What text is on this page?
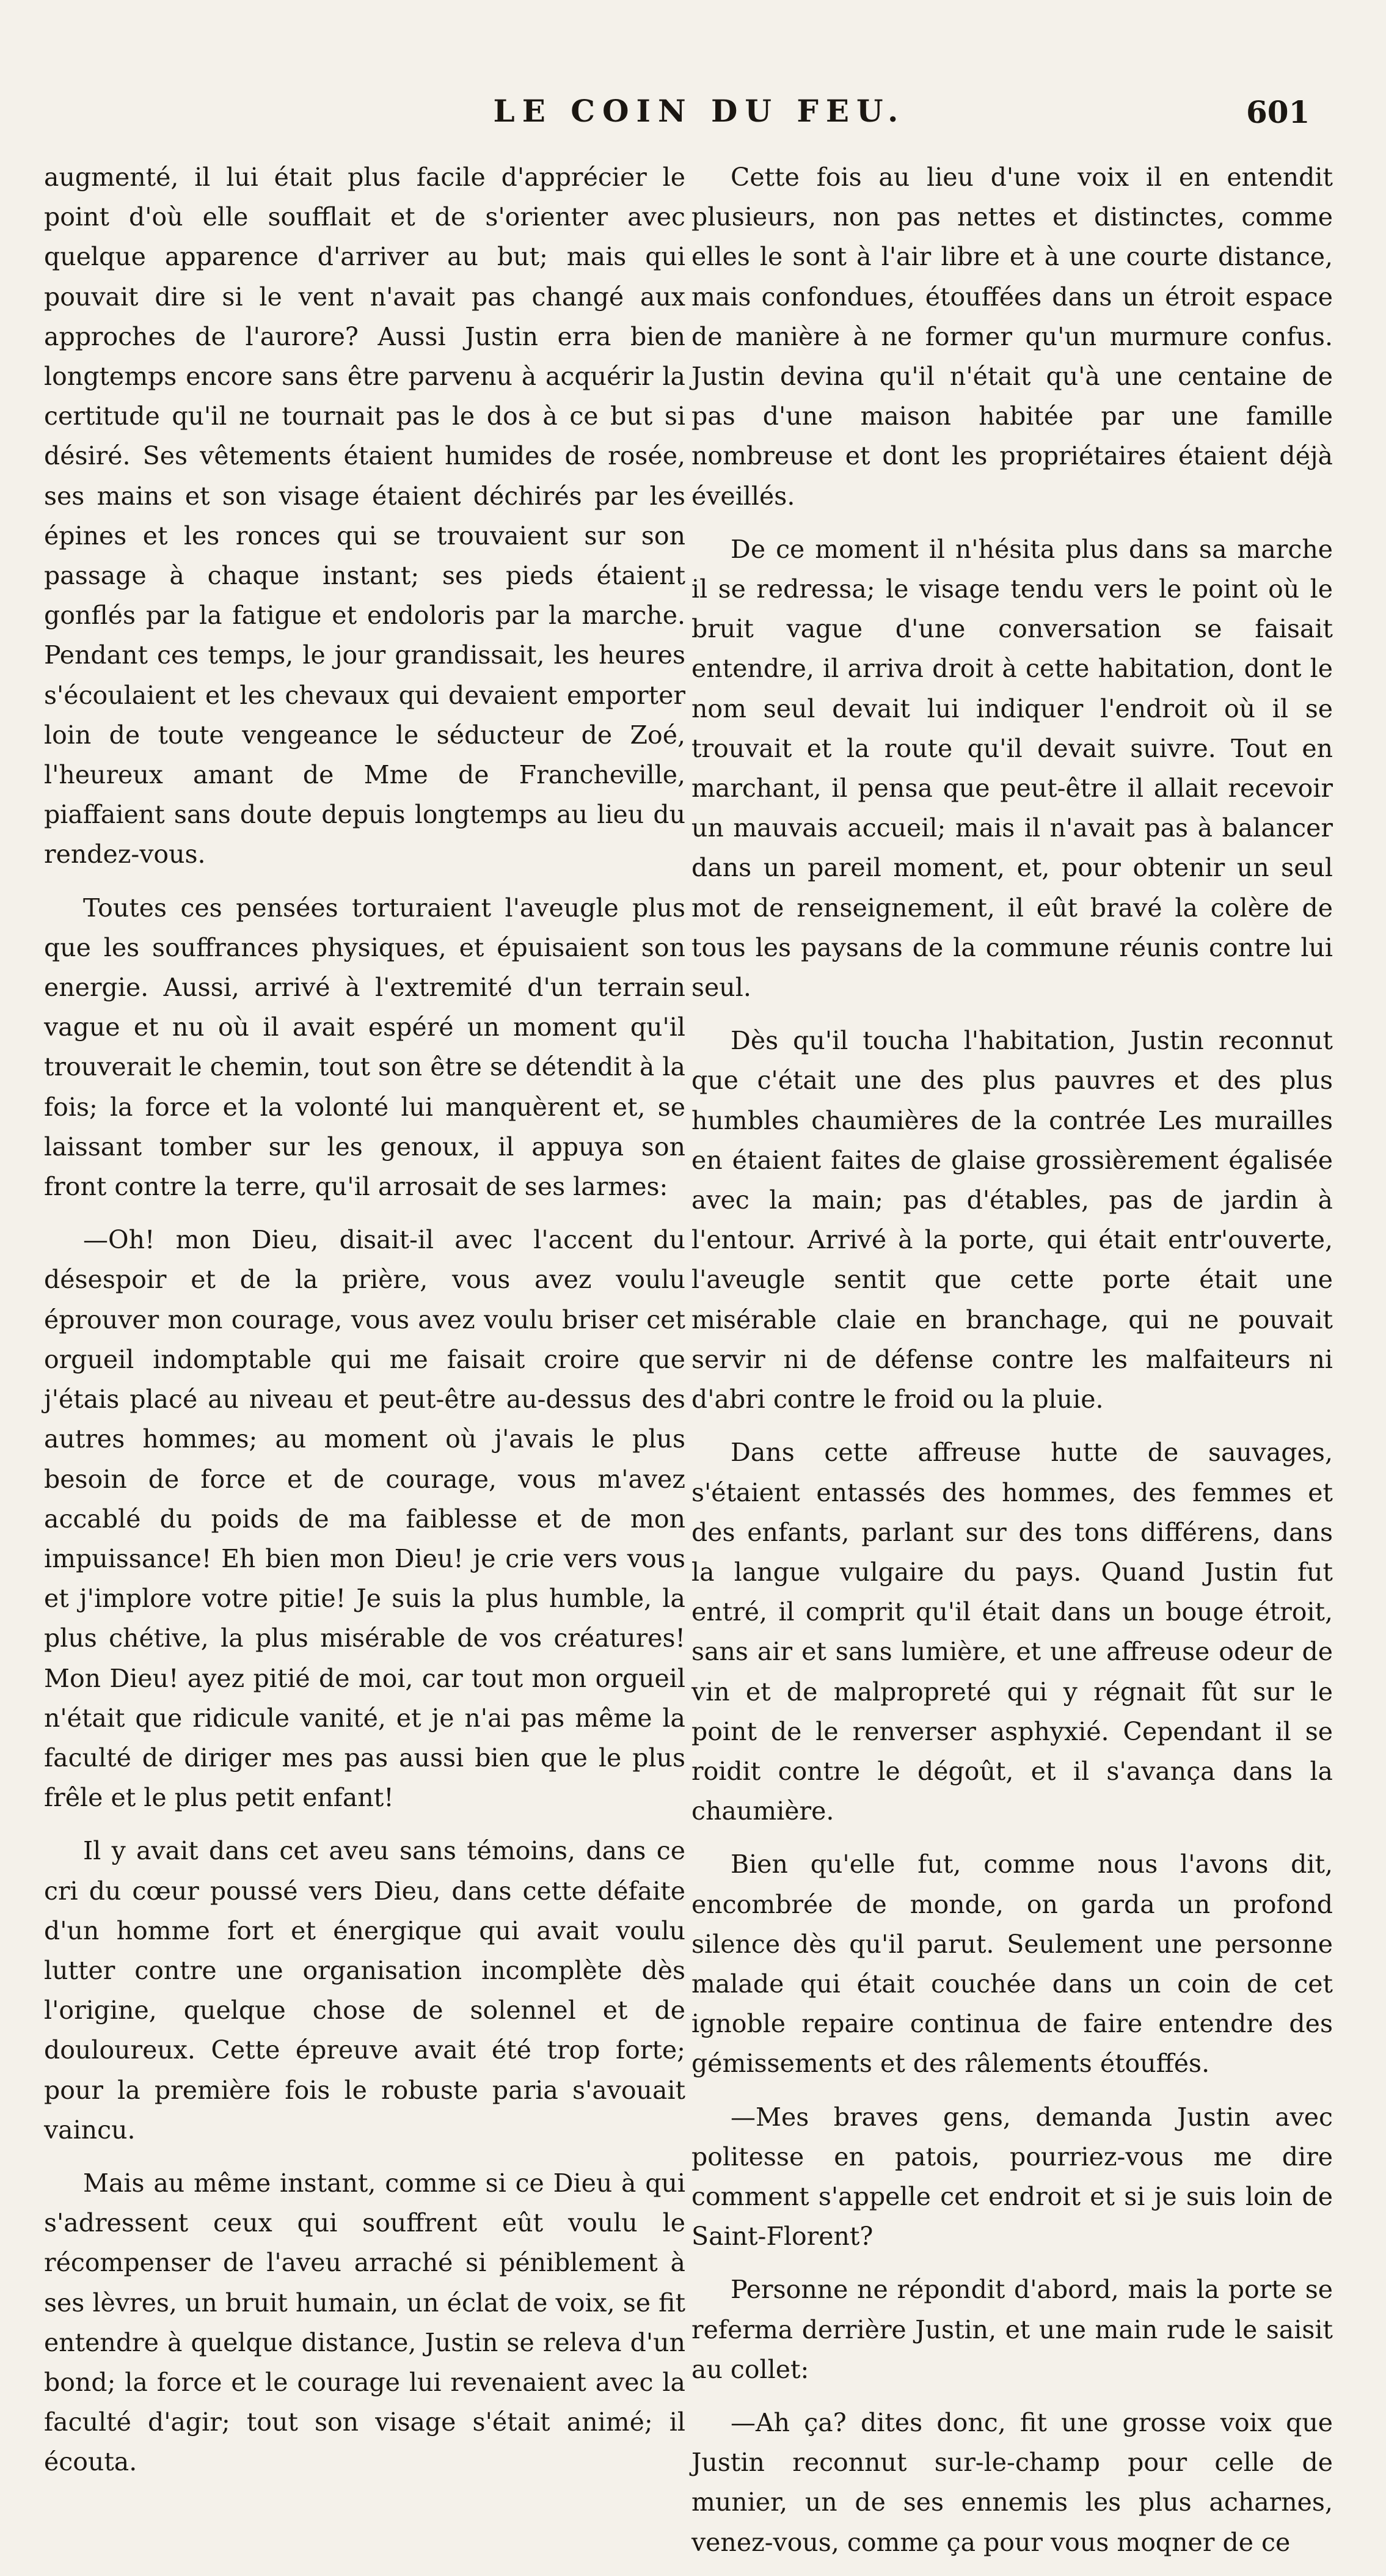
LE COIN DU FEU.	601

augmenté, il lui était plus facile d'apprécier le point d'où elle soufflait et de s'orienter avec quelque apparence d'arriver au but; mais qui pouvait dire si le vent n'avait pas changé aux approches de l'aurore? Aussi Justin erra bien longtemps encore sans être parvenu à acquérir la certitude qu'il ne tournait pas le dos à ce but si désiré. Ses vêtements étaient humides de rosée, ses mains et son visage étaient déchirés par les épines et les ronces qui se trouvaient sur son passage à chaque instant; ses pieds étaient gonflés par la fatigue et endoloris par la marche. Pendant ces temps, le jour grandissait, les heures s'écoulaient et les chevaux qui devaient emporter loin de toute vengeance le séducteur de Zoé, l'heureux amant de Mme de Francheville, piaffaient sans doute depuis longtemps au lieu du rendez-vous.

Toutes ces pensées torturaient l'aveugle plus que les souffrances physiques, et épuisaient son energie. Aussi, arrivé à l'extremité d'un terrain vague et nu où il avait espéré un moment qu'il trouverait le chemin, tout son être se détendit à la fois; la force et la volonté lui manquèrent et, se laissant tomber sur les genoux, il appuya son front contre la terre, qu'il arrosait de ses larmes:

—Oh! mon Dieu, disait-il avec l'accent du désespoir et de la prière, vous avez voulu éprouver mon courage, vous avez voulu briser cet orgueil indomptable qui me faisait croire que j'étais placé au niveau et peut-être au-dessus des autres hommes; au moment où j'avais le plus besoin de force et de courage, vous m'avez accablé du poids de ma faiblesse et de mon impuissance! Eh bien mon Dieu! je crie vers vous et j'implore votre pitie! Je suis la plus humble, la plus chétive, la plus misérable de vos créatures! Mon Dieu! ayez pitié de moi, car tout mon orgueil n'était que ridicule vanité, et je n'ai pas même la faculté de diriger mes pas aussi bien que le plus frêle et le plus petit enfant!

Il y avait dans cet aveu sans témoins, dans ce cri du cœur poussé vers Dieu, dans cette défaite d'un homme fort et énergique qui avait voulu lutter contre une organisation incomplète dès l'origine, quelque chose de solennel et de douloureux. Cette épreuve avait été trop forte; pour la première fois le robuste paria s'avouait vaincu.

Mais au même instant, comme si ce Dieu à qui s'adressent ceux qui souffrent eût voulu le récompenser de l'aveu arraché si péniblement à ses lèvres, un bruit humain, un éclat de voix, se fit entendre à quelque distance, Justin se releva d'un bond; la force et le courage lui revenaient avec la faculté d'agir; tout son visage s'était animé; il écouta.

Cette fois au lieu d'une voix il en entendit plusieurs, non pas nettes et distinctes, comme elles le sont à l'air libre et à une courte distance, mais confondues, étouffées dans un étroit espace de manière à ne former qu'un murmure confus. Justin devina qu'il n'était qu'à une centaine de pas d'une maison habitée par une famille nombreuse et dont les propriétaires étaient déjà éveillés.

De ce moment il n'hésita plus dans sa marche il se redressa; le visage tendu vers le point où le bruit vague d'une conversation se faisait entendre, il arriva droit à cette habitation, dont le nom seul devait lui indiquer l'endroit où il se trouvait et la route qu'il devait suivre. Tout en marchant, il pensa que peut-être il allait recevoir un mauvais accueil; mais il n'avait pas à balancer dans un pareil moment, et, pour obtenir un seul mot de renseignement, il eût bravé la colère de tous les paysans de la commune réunis contre lui seul.

Dès qu'il toucha l'habitation, Justin reconnut que c'était une des plus pauvres et des plus humbles chaumières de la contrée Les murailles en étaient faites de glaise grossièrement égalisée avec la main; pas d'étables, pas de jardin à l'entour. Arrivé à la porte, qui était entr'ouverte, l'aveugle sentit que cette porte était une misérable claie en branchage, qui ne pouvait servir ni de défense contre les malfaiteurs ni d'abri contre le froid ou la pluie.

Dans cette affreuse hutte de sauvages, s'étaient entassés des hommes, des femmes et des enfants, parlant sur des tons différens, dans la langue vulgaire du pays. Quand Justin fut entré, il comprit qu'il était dans un bouge étroit, sans air et sans lumière, et une affreuse odeur de vin et de malpropreté qui y régnait fût sur le point de le renverser asphyxié. Cependant il se roidit contre le dégoût, et il s'avança dans la chaumière.

Bien qu'elle fut, comme nous l'avons dit, encombrée de monde, on garda un profond silence dès qu'il parut. Seulement une personne malade qui était couchée dans un coin de cet ignoble repaire continua de faire entendre des gémissements et des râlements étouffés.

—Mes braves gens, demanda Justin avec politesse en patois, pourriez-vous me dire comment s'appelle cet endroit et si je suis loin de Saint-Florent?

Personne ne répondit d'abord, mais la porte se referma derrière Justin, et une main rude le saisit au collet:

—Ah ça? dites donc, fit une grosse voix que Justin reconnut sur-le-champ pour celle de munier, un de ses ennemis les plus acharnes, venez-vous, comme ça pour vous moqner de ce
